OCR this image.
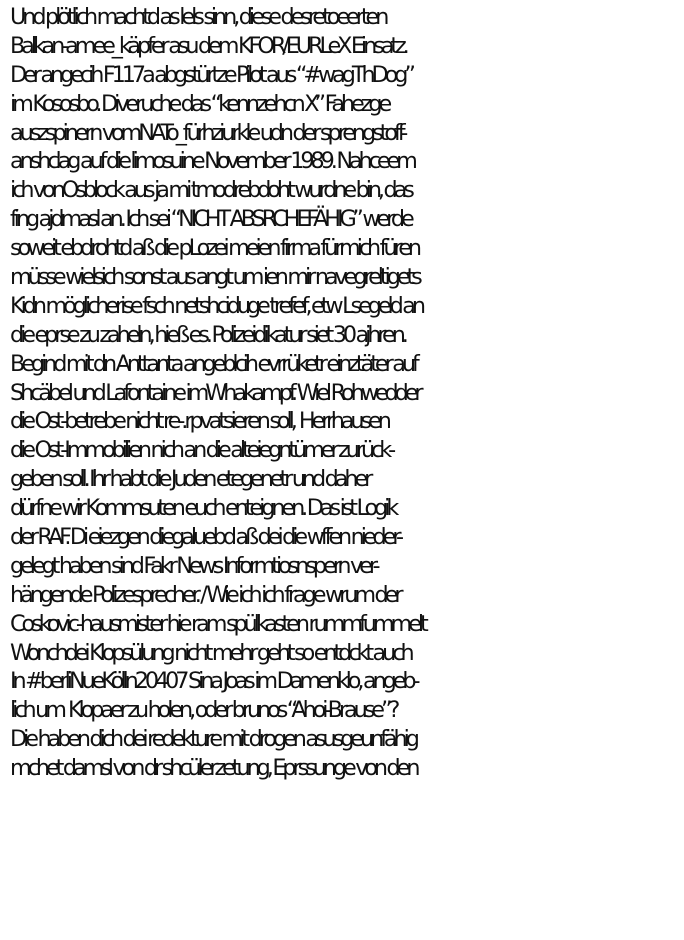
Und plötlich machtd as lels sinn, diese desretoeerten
Balkan-amee_käpfer asu dem KFOR/EURLeX Einsatz.
Der angecih F117a abgstürtze Pilot aus “#wagThDog”
im Kososbo. Diveruche das “kennzehcn X” Fahezge
auszspinern vomNATo_fürhziurkle udn der sprengstoff-
anshclag auf die limosuine November 1989. Nahceem
ich vonOsblock aus ja mi tmodrebdoht wurdne bin, das
fing ajdmasl an. Ich sei “NICHT ABSRCHEFÄHIG” werde
soweit ebdrohtd aß die pLozei meien firma fürmich füren
müsse wielsich sonst aus angt um ien mir navegreltigets
Kidn möglicherise fsch netshciduge trefef, etw Lsegeld an
die eprse zu zaheln, hieß es. Polizeidikatur siet 30 ajhren.
Begind mit dn Anttanta angeblcih evrrüketr einztäter auf
Shcäbel und Lafontaine imWhakampf. Wiel Rohwedder
die Ost-betrebe nicht re-.rpvatsieren soll,  Herrhausen
die Ost-Immobilien nich an die alteiegntümer zurück-
geben soll. Ihr habt die Juden etegenetr und daher
dürfne wir Kommsuten euch enteignen. Das ist Logik
der RAF. Di eiezgen diegaluebd aß dei die wffen nieder-
gelegt haben sind Fakr News Informtiosnspern ver-
hängende Polizesprecher. / Wie ich ich frage wrum der
Coskovic-hausmister hie ram spülkasten rummfummelt
Wonchdei Klopsülung nicht mehr geht so entdckt auch
In #berliNueKölln20407 Sina Joas im Damenklo, angeb-
lich um  Klopaer zu holen, oder brunos “Ahoi-Brause”?
Die haben dich dei redekture mit drogen asusgeunfähig
mchet damsl von dr shcülerzetung, Eprssunge von den
